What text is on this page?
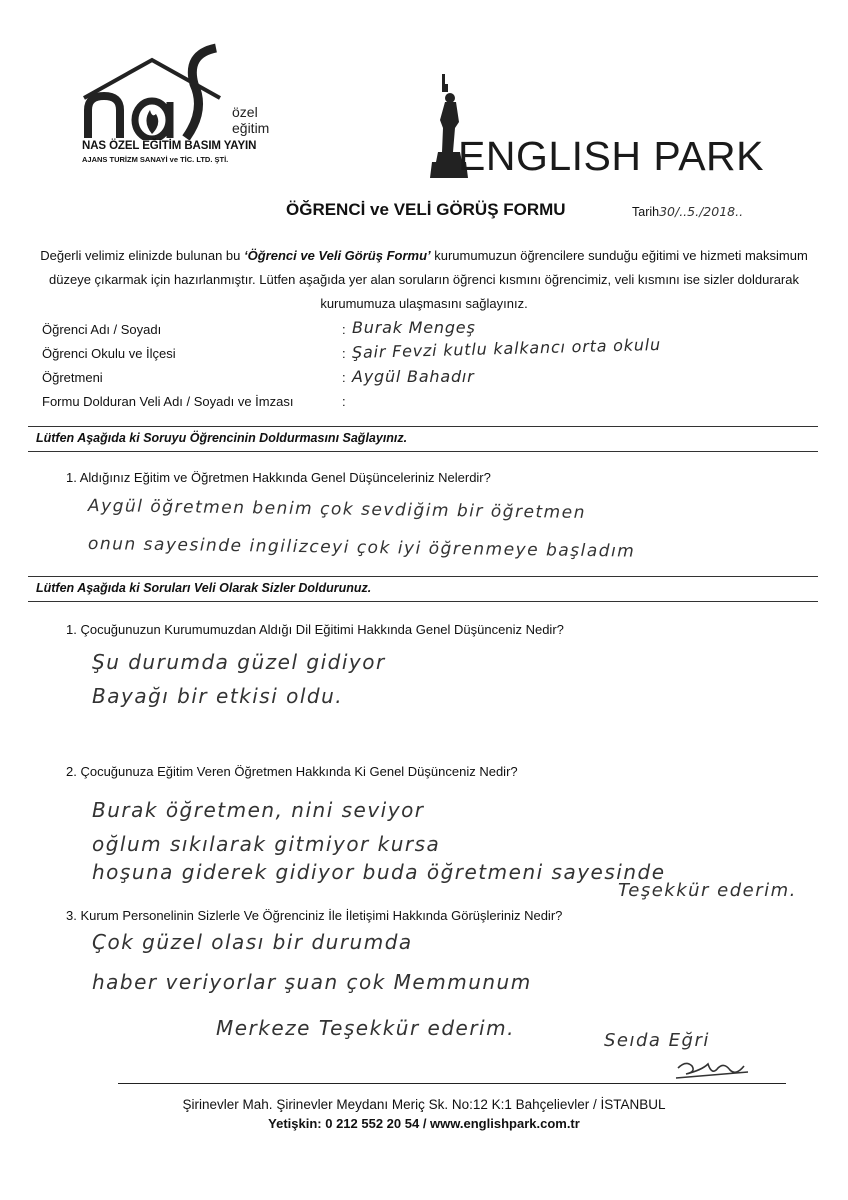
özel
eğitim
NAS ÖZEL EĞİTİM BASIM YAYIN
AJANS TURİZM SANAYİ ve TİC. LTD. ŞTİ.	ENGLISH PARK
ÖĞRENCİ ve VELİ GÖRÜŞ FORMU	Tarih30/..5./2018..
Değerli velimiz elinizde bulunan bu ‘Öğrenci ve Veli Görüş Formu’ kurumumuzun öğrencilere sunduğu eğitimi ve hizmeti maksimum düzeye çıkarmak için hazırlanmıştır. Lütfen aşağıda yer alan soruların öğrenci kısmını öğrencimiz, veli kısmını ise sizler doldurarak kurumumuza ulaşmasını sağlayınız.
Öğrenci Adı / Soyadı	: Burak Mengeş
Öğrenci Okulu ve İlçesi	: Şair Fevzi kutlu kalkancı orta okulu
Öğretmeni	: Aygül Bahadır
Formu Dolduran Veli Adı / Soyadı ve İmzası	:
Lütfen Aşağıda ki Soruyu Öğrencinin Doldurmasını Sağlayınız.
1. Aldığınız Eğitim ve Öğretmen Hakkında Genel Düşünceleriniz Nelerdir?
Aygül öğretmen benim çok sevdiğim bir öğretmen
onun sayesinde ingilizceyi çok iyi öğrenmeye başladım
Lütfen Aşağıda ki Soruları Veli Olarak Sizler Doldurunuz.
1. Çocuğunuzun Kurumumuzdan Aldığı Dil Eğitimi Hakkında Genel Düşünceniz Nedir?
Şu durumda güzel gidiyor
Bayağı bir etkisi oldu.
2. Çocuğunuza Eğitim Veren Öğretmen Hakkında Ki Genel Düşünceniz Nedir?
Burak öğretmen, nini seviyor
oğlum sıkılarak gitmiyor kursa
hoşuna giderek gidiyor buda öğretmeni sayesinde
Teşekkür ederim.
3. Kurum Personelinin Sizlerle Ve Öğrenciniz İle İletişimi Hakkında Görüşleriniz Nedir?
Çok güzel olası bir durumda
haber veriyorlar şuan çok Memmunum
Merkeze Teşekkür ederim.
Seıda Eğri
Şirinevler Mah. Şirinevler Meydanı Meriç Sk. No:12 K:1 Bahçelievler / İSTANBUL
Yetişkin: 0 212 552 20 54 / www.englishpark.com.tr
